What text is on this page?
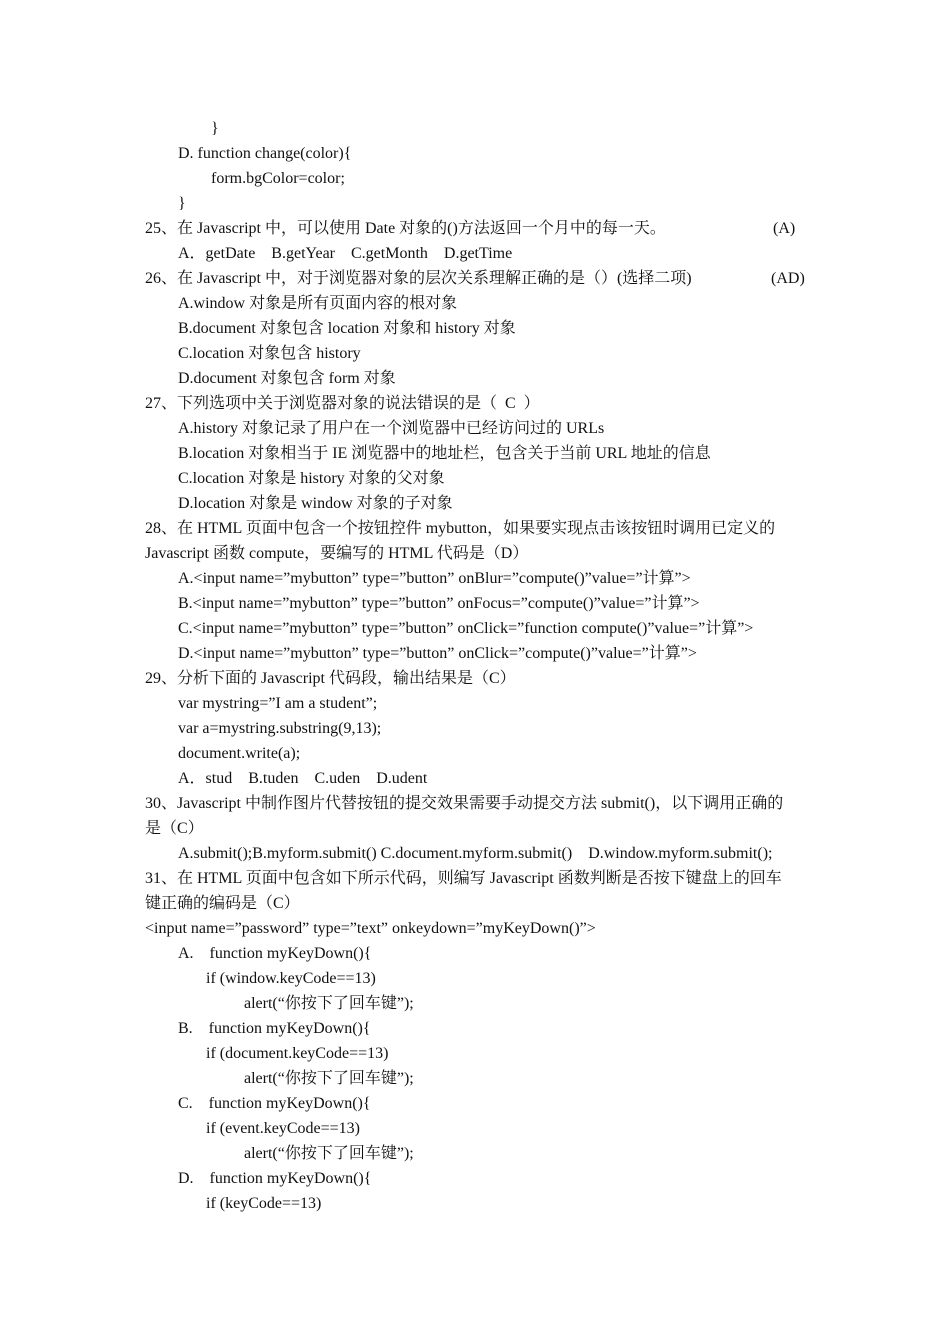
}

D. function change(color){

form.bgColor=color;

}

25、在 Javascript 中，可以使用 Date 对象的()方法返回一个月中的每一天。	(A)

A．getDate    B.getYear    C.getMonth    D.getTime

26、在 Javascript 中，对于浏览器对象的层次关系理解正确的是（）(选择二项)	(AD)

A.window 对象是所有页面内容的根对象

B.document 对象包含 location 对象和 history 对象

C.location 对象包含 history

D.document 对象包含 form 对象

27、下列选项中关于浏览器对象的说法错误的是（  C  ）

A.history 对象记录了用户在一个浏览器中已经访问过的 URLs

B.location 对象相当于 IE 浏览器中的地址栏，包含关于当前 URL 地址的信息

C.location 对象是 history 对象的父对象

D.location 对象是 window 对象的子对象

28、在 HTML 页面中包含一个按钮控件 mybutton，如果要实现点击该按钮时调用已定义的

Javascript 函数 compute，要编写的 HTML 代码是（D）

A.<input name=”mybutton” type=”button” onBlur=”compute()”value=”计算”>

B.<input name=”mybutton” type=”button” onFocus=”compute()”value=”计算”>

C.<input name=”mybutton” type=”button” onClick=”function compute()”value=”计算”>

D.<input name=”mybutton” type=”button” onClick=”compute()”value=”计算”>

29、分析下面的 Javascript 代码段，输出结果是（C）

var mystring=”I am a student”;

var a=mystring.substring(9,13);

document.write(a);

A．stud    B.tuden    C.uden    D.udent

30、Javascript 中制作图片代替按钮的提交效果需要手动提交方法 submit()，以下调用正确的

是（C）

A.submit();B.myform.submit() C.document.myform.submit()    D.window.myform.submit();

31、在 HTML 页面中包含如下所示代码，则编写 Javascript 函数判断是否按下键盘上的回车

键正确的编码是（C）

<input name=”password” type=”text” onkeydown=”myKeyDown()”>

A.    function myKeyDown(){

if (window.keyCode==13)

alert(“你按下了回车键”);

B.    function myKeyDown(){

if (document.keyCode==13)

alert(“你按下了回车键”);

C.    function myKeyDown(){

if (event.keyCode==13)

alert(“你按下了回车键”);

D.    function myKeyDown(){

if (keyCode==13)
